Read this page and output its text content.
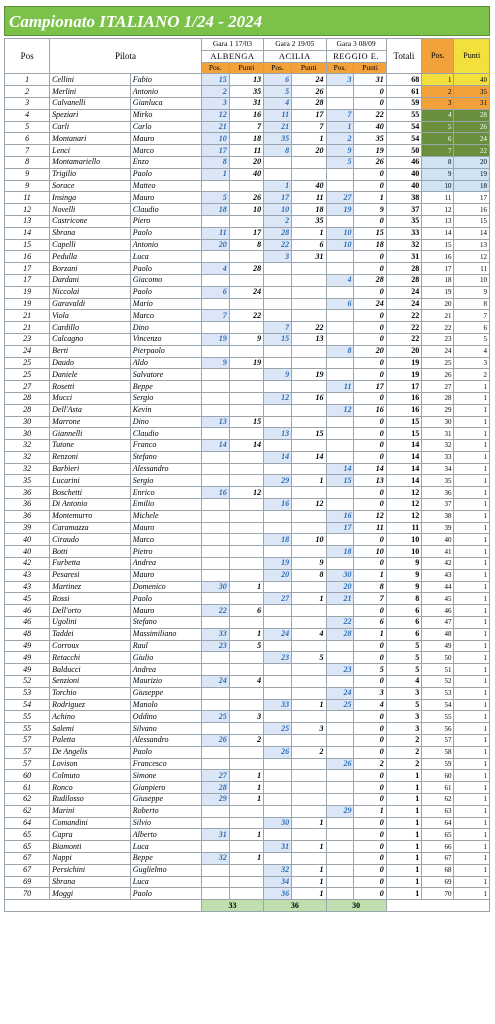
Campionato ITALIANO 1/24 - 2024
Pos	Pilota		Gara 1 17/03		Gara 2 19/05		Gara 3 08/09		Totali	Pos.	Punti
			ALBENGA		ACILIA		REGGIO E.				
			Pos.	Punti	Pos.	Punti	Pos.	Punti			
1	Cellini	Fabio	15	13	6	24	3	31	68	1	40
2	Merlini	Antonio	2	35	5	26		0	61	2	35
3	Calvanelli	Gianluca	3	31	4	28		0	59	3	31
4	Speziari	Mirko	12	16	11	17	7	22	55	4	28
5	Carli	Carlo	21	7	21	7	1	40	54	5	26
6	Montanari	Mauro	10	18	35	1	2	35	54	6	24
7	Lenci	Marco	17	11	8	20	9	19	50	7	22
8	Montamariello	Enzo	8	20			5	26	46	8	20
9	Trigilio	Paolo	1	40				0	40	9	19
9	Sorace	Matteo			1	40		0	40	10	18
11	Insinga	Mauro	5	26	17	11	27	1	38	11	17
12	Novelli	Claudio	18	10	10	18	19	9	37	12	16
13	Castricone	Piero			2	35		0	35	13	15
14	Sbrana	Paolo	11	17	28	1	10	15	33	14	14
15	Capelli	Antonio	20	8	22	6	10	18	32	15	13
16	Pedulla	Luca			3	31		0	31	16	12
17	Borzani	Paolo	4	28				0	28	17	11
17	Dardani	Giacomo					4	28	28	18	10
19	Niccolai	Paolo	6	24				0	24	19	9
19	Garavaldi	Mario					6	24	24	20	8
21	Viola	Marco	7	22				0	22	21	7
21	Cardillo	Dino			7	22		0	22	22	6
23	Calcagno	Vincenzo	19	9	15	13		0	22	23	5
24	Berti	Pierpaolo					8	20	20	24	4
25	Daudo	Aldo	9	19				0	19	25	3
25	Daniele	Salvatore			9	19		0	19	26	2
27	Rosetti	Beppe					11	17	17	27	1
28	Mucci	Sergio			12	16		0	16	28	1
28	Dell'Asta	Kevin					12	16	16	29	1
30	Marrone	Dino	13	15				0	15	30	1
30	Giannelli	Claudio			13	15		0	15	31	1
32	Tutone	Franco	14	14				0	14	32	1
32	Renzoni	Stefano			14	14		0	14	33	1
32	Barbieri	Alessandro					14	14	14	34	1
35	Lucarini	Sergio			29	1	15	13	14	35	1
36	Boschetti	Enrico	16	12				0	12	36	1
36	Di Antonio	Emilio			16	12		0	12	37	1
36	Montemurro	Michele					16	12	12	38	1
39	Caramazza	Mauro					17	11	11	39	1
40	Ciraudo	Marco			18	10		0	10	40	1
40	Botti	Pietro					18	10	10	41	1
42	Furbetta	Andrea			19	9		0	9	42	1
43	Pesaresi	Mauro			20	8	30	1	9	43	1
43	Martinez	Domenico	30	1			20	8	9	44	1
45	Rossi	Paolo			27	1	21	7	8	45	1
46	Dell'orto	Mauro	22	6				0	6	46	1
46	Ugolini	Stefano					22	6	6	47	1
48	Taddei	Massimiliano	33	1	24	4	28	1	6	48	1
49	Corroux	Raul	23	5				0	5	49	1
49	Retacchi	Giulio			23	5		0	5	50	1
49	Balducci	Andrea					23	5	5	51	1
52	Senzioni	Maurizio	24	4				0	4	52	1
53	Torchio	Giuseppe					24	3	3	53	1
54	Rodriguez	Manolo			33	1	25	4	5	54	1
55	Achino	Oddino	25	3				0	3	55	1
55	Salemi	Silvano			25	3		0	3	56	1
57	Paletta	Alessandro	26	2				0	2	57	1
57	De Angelis	Paolo			26	2		0	2	58	1
57	Lovison	Francesco					26	2	2	59	1
60	Colmuto	Simone	27	1				0	1	60	1
61	Ronco	Gianpiero	28	1				0	1	61	1
62	Rudilosso	Giuseppe	29	1				0	1	62	1
62	Marini	Roberto					29	1	1	63	1
64	Comandini	Silvio			30	1		0	1	64	1
65	Capra	Alberto	31	1				0	1	65	1
65	Biamonti	Luca			31	1		0	1	66	1
67	Nappi	Beppe	32	1				0	1	67	1
67	Persichini	Guglielmo			32	1		0	1	68	1
69	Sbrana	Luca			34	1		0	1	69	1
70	Moggi	Paolo			36	1		0	1	70	1
			33		36		30				
